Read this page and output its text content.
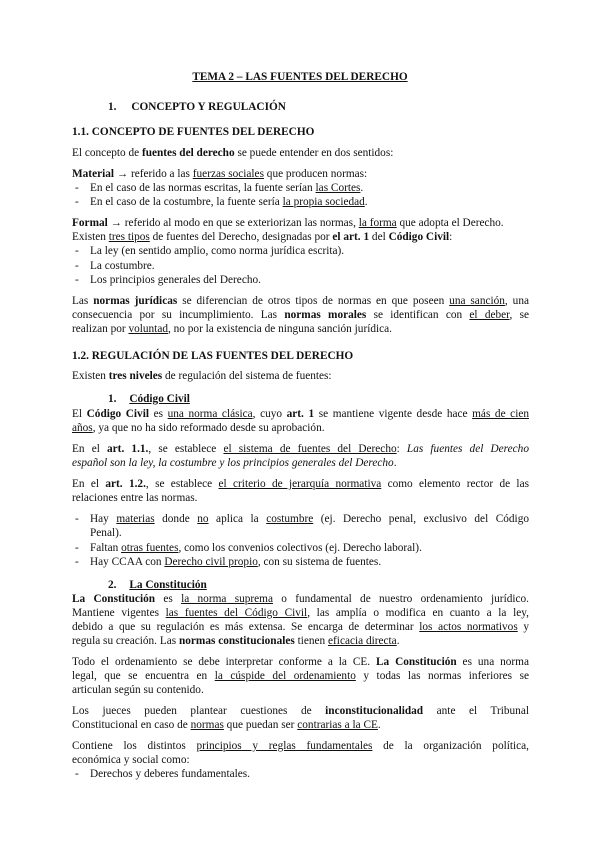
TEMA 2 – LAS FUENTES DEL DERECHO
1. CONCEPTO Y REGULACIÓN
1.1. CONCEPTO DE FUENTES DEL DERECHO
El concepto de fuentes del derecho se puede entender en dos sentidos:
Material → referido a las fuerzas sociales que producen normas:
- En el caso de las normas escritas, la fuente serían las Cortes.
- En el caso de la costumbre, la fuente sería la propia sociedad.
Formal → referido al modo en que se exteriorizan las normas, la forma que adopta el Derecho.
Existen tres tipos de fuentes del Derecho, designadas por el art. 1 del Código Civil:
- La ley (en sentido amplio, como norma jurídica escrita).
- La costumbre.
- Los principios generales del Derecho.
Las normas jurídicas se diferencian de otros tipos de normas en que poseen una sanción, una
consecuencia por su incumplimiento. Las normas morales se identifican con el deber, se
realizan por voluntad, no por la existencia de ninguna sanción jurídica.
1.2. REGULACIÓN DE LAS FUENTES DEL DERECHO
Existen tres niveles de regulación del sistema de fuentes:
1. Código Civil
El Código Civil es una norma clásica, cuyo art. 1 se mantiene vigente desde hace más de cien
años, ya que no ha sido reformado desde su aprobación.
En el art. 1.1., se establece el sistema de fuentes del Derecho: Las fuentes del Derecho
español son la ley, la costumbre y los principios generales del Derecho.
En el art. 1.2., se establece el criterio de jerarquía normativa como elemento rector de las
relaciones entre las normas.
- Hay materias donde no aplica la costumbre (ej. Derecho penal, exclusivo del Código
Penal).
- Faltan otras fuentes, como los convenios colectivos (ej. Derecho laboral).
- Hay CCAA con Derecho civil propio, con su sistema de fuentes.
2. La Constitución
La Constitución es la norma suprema o fundamental de nuestro ordenamiento jurídico.
Mantiene vigentes las fuentes del Código Civil, las amplía o modifica en cuanto a la ley,
debido a que su regulación es más extensa. Se encarga de determinar los actos normativos y
regula su creación. Las normas constitucionales tienen eficacia directa.
Todo el ordenamiento se debe interpretar conforme a la CE. La Constitución es una norma
legal, que se encuentra en la cúspide del ordenamiento y todas las normas inferiores se
articulan según su contenido.
Los jueces pueden plantear cuestiones de inconstitucionalidad ante el Tribunal
Constitucional en caso de normas que puedan ser contrarias a la CE.
Contiene los distintos principios y reglas fundamentales de la organización política,
económica y social como:
- Derechos y deberes fundamentales.
